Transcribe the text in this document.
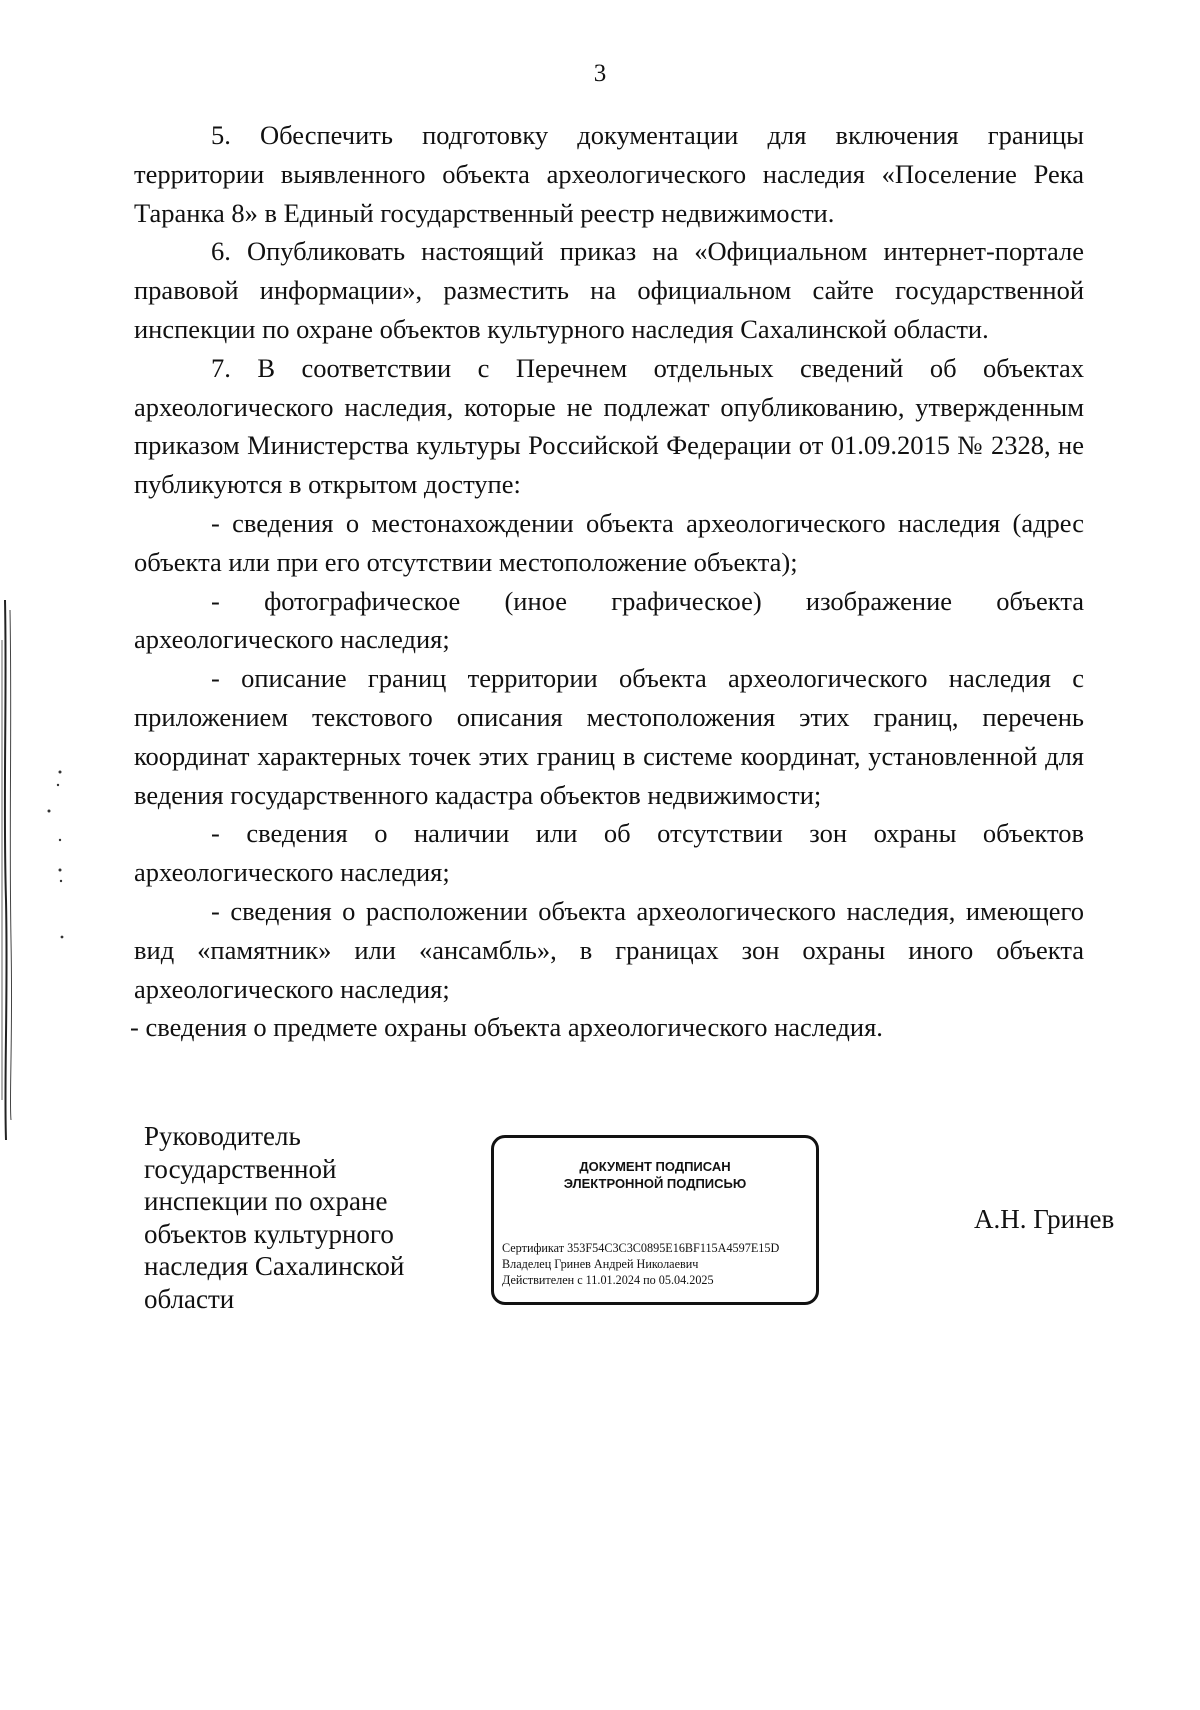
3

5. Обеспечить подготовку документации для включения границы территории выявленного объекта археологического наследия «Поселение Река Таранка 8» в Единый государственный реестр недвижимости.

6. Опубликовать настоящий приказ на «Официальном интернет-портале правовой информации», разместить на официальном сайте государственной инспекции по охране объектов культурного наследия Сахалинской области.

7. В соответствии с Перечнем отдельных сведений об объектах археологического наследия, которые не подлежат опубликованию, утвержденным приказом Министерства культуры Российской Федерации от 01.09.2015 № 2328, не публикуются в открытом доступе:

- сведения о местонахождении объекта археологического наследия (адрес объекта или при его отсутствии местоположение объекта);

- фотографическое (иное графическое) изображение объекта археологического наследия;

- описание границ территории объекта археологического наследия с приложением текстового описания местоположения этих границ, перечень координат характерных точек этих границ в системе координат, установленной для ведения государственного кадастра объектов недвижимости;

- сведения о наличии или об отсутствии зон охраны объектов археологического наследия;

- сведения о расположении объекта археологического наследия, имеющего вид «памятник» или «ансамбль», в границах зон охраны иного объекта археологического наследия;

- сведения о предмете охраны объекта археологического наследия.

Руководитель
государственной
инспекции по охране
объектов культурного
наследия Сахалинской
области
ДОКУМЕНТ ПОДПИСАН
ЭЛЕКТРОННОЙ ПОДПИСЬЮ
Сертификат 353F54C3C3C0895E16BF115A4597E15D
Владелец Гринев Андрей Николаевич
Действителен с 11.01.2024 по 05.04.2025
А.Н. Гринев
